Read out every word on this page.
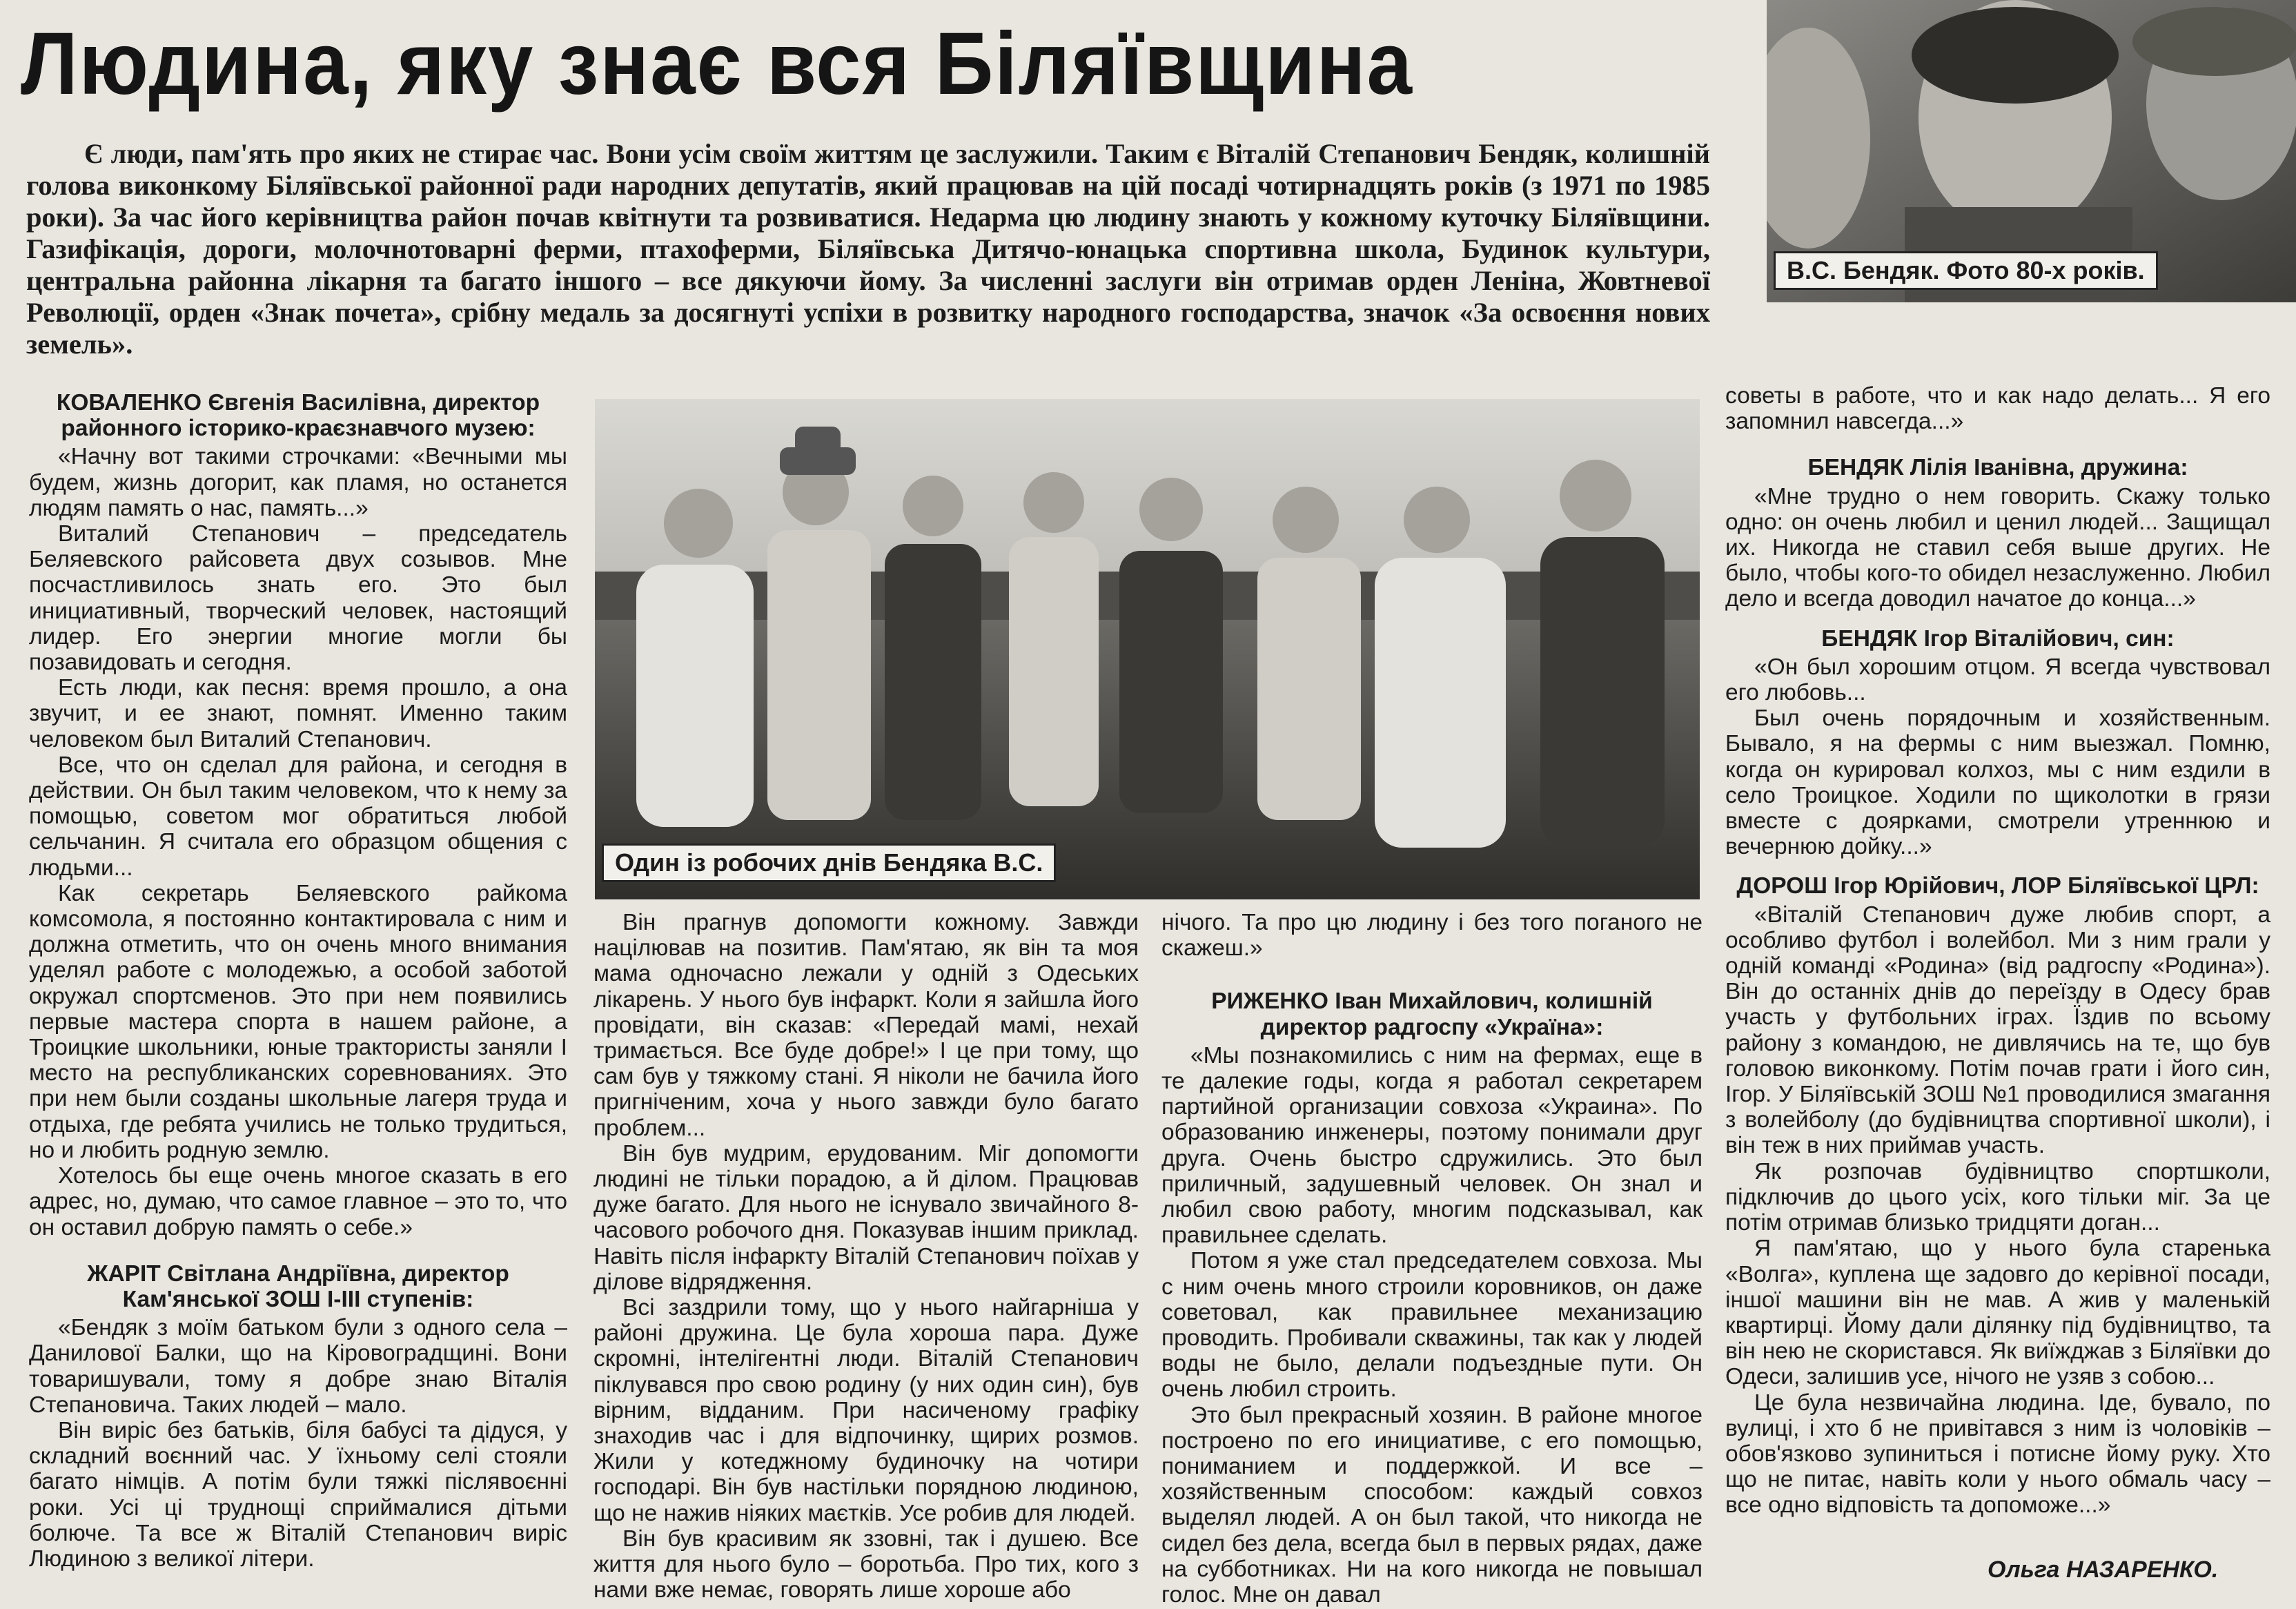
Людина, яку знає вся Біляївщина

Є люди, пам'ять про яких не стирає час. Вони усім своїм життям це заслужили. Таким є Віталій Степанович Бендяк, колишній голова виконкому Біляївської районної ради народних депутатів, який працював на цій посаді чотирнадцять років (з 1971 по 1985 роки). За час його керівництва район почав квітнути та розвиватися. Недарма цю людину знають у кожному куточку Біляївщини. Газифікація, дороги, молочнотоварні ферми, птахоферми, Біляївська Дитячо-юнацька спортивна школа, Будинок культури, центральна районна лікарня та багато іншого – все дякуючи йому. За численні заслуги він отримав орден Леніна, Жовтневої Революції, орден «Знак почета», срібну медаль за досягнуті успіхи в розвитку народного господарства, значок «За освоєння нових земель».

В.С. Бендяк. Фото 80-х років.
Один із робочих днів Бендяка В.С.
КОВАЛЕНКО Євгенія Василівна, директор районного історико-краєзнавчого музею:

«Начну вот такими строчками: «Вечными мы будем, жизнь догорит, как пламя, но останется людям память о нас, память...»

Виталий Степанович – председатель Беляевского райсовета двух созывов. Мне посчастливилось знать его. Это был инициативный, творческий человек, настоящий лидер. Его энергии многие могли бы позавидовать и сегодня.

Есть люди, как песня: время прошло, а она звучит, и ее знают, помнят. Именно таким человеком был Виталий Степанович.

Все, что он сделал для района, и сегодня в действии. Он был таким человеком, что к нему за помощью, советом мог обратиться любой сельчанин. Я считала его образцом общения с людьми...

Как секретарь Беляевского райкома комсомола, я постоянно контактировала с ним и должна отметить, что он очень много внимания уделял работе с молодежью, а особой заботой окружал спортсменов. Это при нем появились первые мастера спорта в нашем районе, а Троицкие школьники, юные трактористы заняли I место на республиканских соревнованиях. Это при нем были созданы школьные лагеря труда и отдыха, где ребята учились не только трудиться, но и любить родную землю.

Хотелось бы еще очень многое сказать в его адрес, но, думаю, что самое главное – это то, что он оставил добрую память о себе.»

ЖАРІТ Світлана Андріївна, директор Кам'янської ЗОШ І-ІІІ ступенів:

«Бендяк з моїм батьком були з одного села – Данилової Балки, що на Кіровоградщині. Вони товаришували, тому я добре знаю Віталія Степановича. Таких людей – мало.

Він виріс без батьків, біля бабусі та дідуся, у складний воєнний час. У їхньому селі стояли багато німців. А потім були тяжкі післявоєнні роки. Усі ці труднощі сприймалися дітьми болюче. Та все ж Віталій Степанович виріс Людиною з великої літери.

Він прагнув допомогти кожному. Завжди націлював на позитив. Пам'ятаю, як він та моя мама одночасно лежали у одній з Одеських лікарень. У нього був інфаркт. Коли я зайшла його провідати, він сказав: «Передай мамі, нехай тримається. Все буде добре!» І це при тому, що сам був у тяжкому стані. Я ніколи не бачила його пригніченим, хоча у нього завжди було багато проблем...

Він був мудрим, ерудованим. Міг допомогти людині не тільки порадою, а й ділом. Працював дуже багато. Для нього не існувало звичайного 8-часового робочого дня. Показував іншим приклад. Навіть після інфаркту Віталій Степанович поїхав у ділове відрядження.

Всі заздрили тому, що у нього найгарніша у районі дружина. Це була хороша пара. Дуже скромні, інтелігентні люди. Віталій Степанович піклувався про свою родину (у них один син), був вірним, відданим. При насиченому графіку знаходив час і для відпочинку, щирих розмов. Жили у котеджному будиночку на чотири господарі. Він був настільки порядною людиною, що не нажив ніяких маєтків. Усе робив для людей.

Він був красивим як ззовні, так і душею. Все життя для нього було – боротьба. Про тих, кого з нами вже немає, говорять лише хороше або

нічого. Та про цю людину і без того поганого не скажеш.»

РИЖЕНКО Іван Михайлович, колишній директор радгоспу «Україна»:

«Мы познакомились с ним на фермах, еще в те далекие годы, когда я работал секретарем партийной организации совхоза «Украина». По образованию инженеры, поэтому понимали друг друга. Очень быстро сдружились. Это был приличный, задушевный человек. Он знал и любил свою работу, многим подсказывал, как правильнее сделать.

Потом я уже стал председателем совхоза. Мы с ним очень много строили коровников, он даже советовал, как правильнее механизацию проводить. Пробивали скважины, так как у людей воды не было, делали подъездные пути. Он очень любил строить.

Это был прекрасный хозяин. В районе многое построено по его инициативе, с его помощью, пониманием и поддержкой. И все – хозяйственным способом: каждый совхоз выделял людей. А он был такой, что никогда не сидел без дела, всегда был в первых рядах, даже на субботниках. Ни на кого никогда не повышал голос. Мне он давал

советы в работе, что и как надо делать... Я его запомнил навсегда...»

БЕНДЯК Лілія Іванівна, дружина:

«Мне трудно о нем говорить. Скажу только одно: он очень любил и ценил людей... Защищал их. Никогда не ставил себя выше других. Не было, чтобы кого-то обидел незаслуженно. Любил дело и всегда доводил начатое до конца...»

БЕНДЯК Ігор Віталійович, син:

«Он был хорошим отцом. Я всегда чувствовал его любовь...

Был очень порядочным и хозяйственным. Бывало, я на фермы с ним выезжал. Помню, когда он курировал колхоз, мы с ним ездили в село Троицкое. Ходили по щиколотки в грязи вместе с доярками, смотрели утреннюю и вечернюю дойку...»

ДОРОШ Ігор Юрійович, ЛОР Біляївської ЦРЛ:

«Віталій Степанович дуже любив спорт, а особливо футбол і волейбол. Ми з ним грали у одній команді «Родина» (від радгоспу «Родина»). Він до останніх днів до переїзду в Одесу брав участь у футбольних іграх. Їздив по всьому району з командою, не дивлячись на те, що був головою виконкому. Потім почав грати і його син, Ігор. У Біляївській ЗОШ №1 проводилися змагання з волейболу (до будівництва спортивної школи), і він теж в них приймав участь.

Як розпочав будівництво спортшколи, підключив до цього усіх, кого тільки міг. За це потім отримав близько тридцяти доган...

Я пам'ятаю, що у нього була старенька «Волга», куплена ще задовго до керівної посади, іншої машини він не мав. А жив у маленькій квартирці. Йому дали ділянку під будівництво, та він нею не скористався. Як виїжджав з Біляївки до Одеси, залишив усе, нічого не узяв з собою...

Це була незвичайна людина. Іде, бувало, по вулиці, і хто б не привітався з ним із чоловіків – обов'язково зупиниться і потисне йому руку. Хто що не питає, навіть коли у нього обмаль часу – все одно відповість та допоможе...»

Ольга НАЗАРЕНКО.
